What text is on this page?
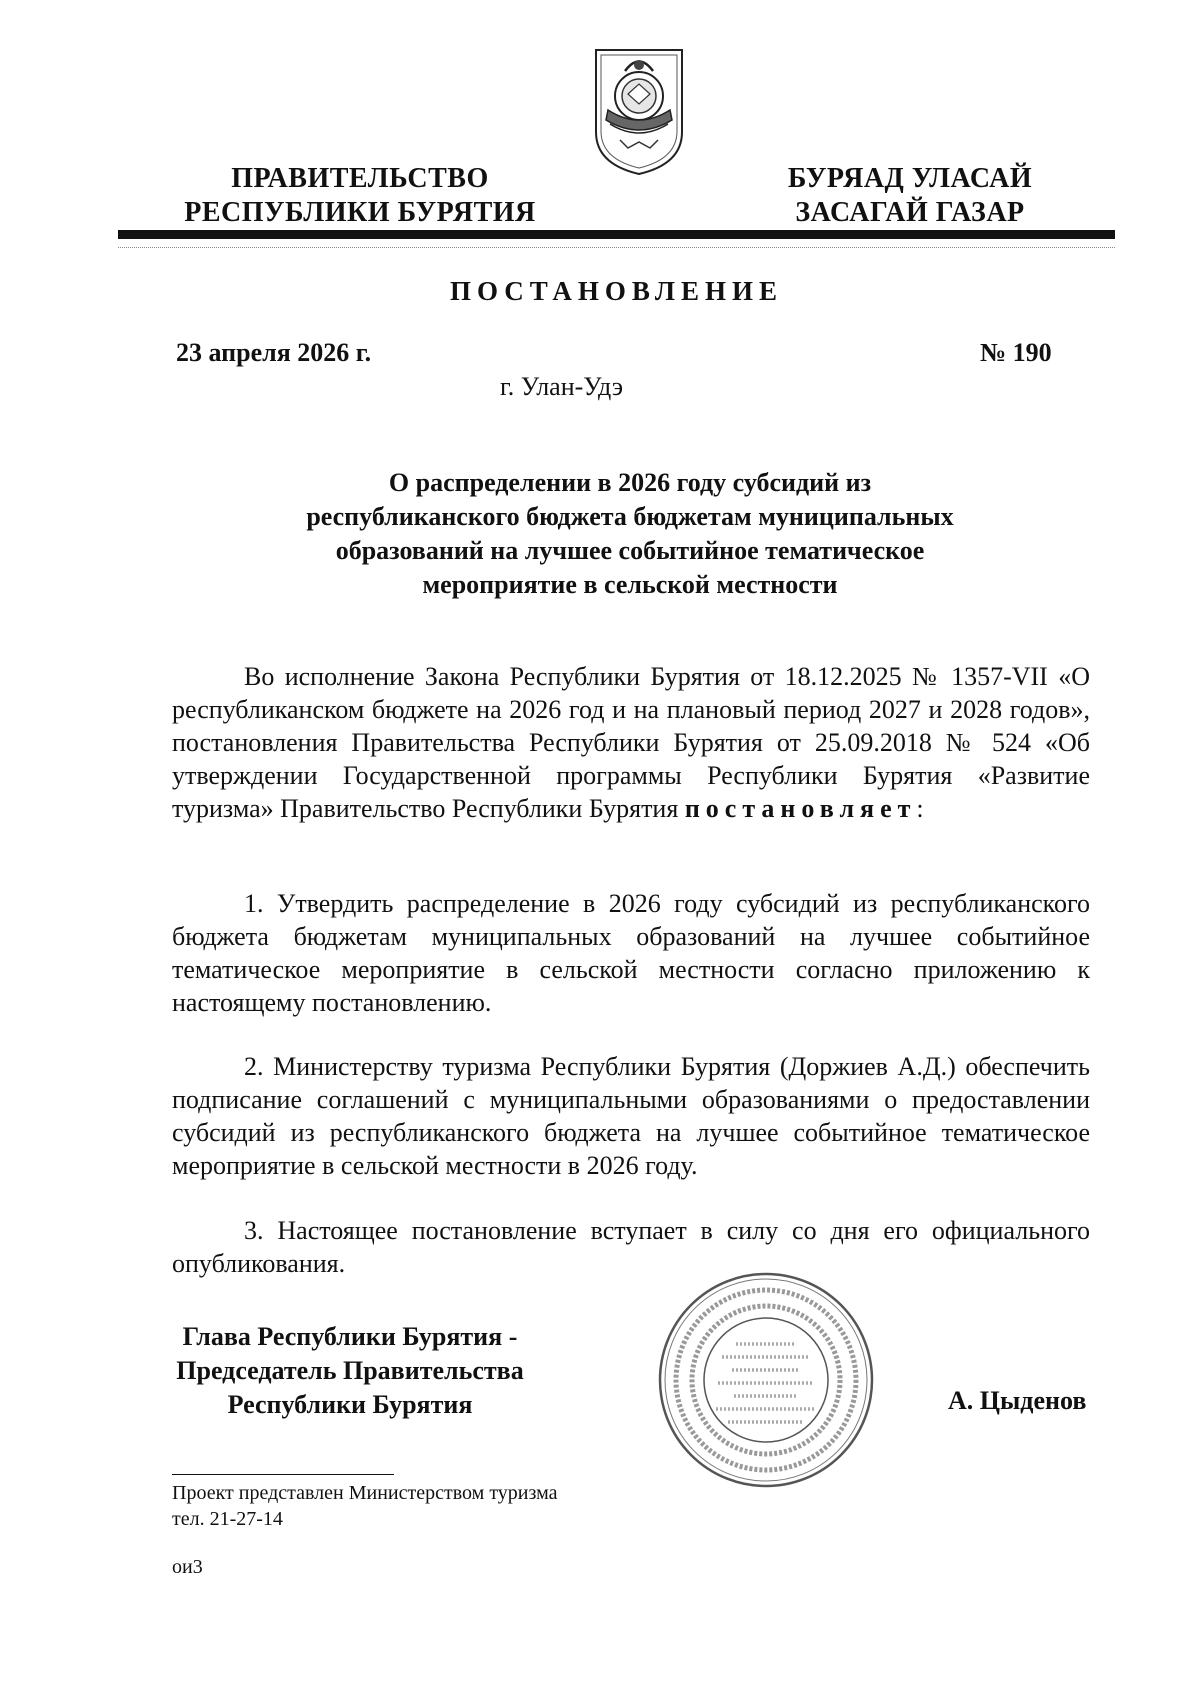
ПРАВИТЕЛЬСТВО
РЕСПУБЛИКИ БУРЯТИЯ
БУРЯАД УЛАСАЙ
ЗАСАГАЙ ГАЗАР
ПОСТАНОВЛЕНИЕ
23 апреля 2026 г.	№ 190
г. Улан-Удэ
О распределении в 2026 году субсидий из
республиканского бюджета бюджетам муниципальных
образований на лучшее событийное тематическое
мероприятие в сельской местности
Во исполнение Закона Республики Бурятия от 18.12.2025 № 1357-VII «О республиканском бюджете на 2026 год и на плановый период 2027 и 2028 годов», постановления Правительства Республики Бурятия от 25.09.2018 № 524 «Об утверждении Государственной программы Республики Бурятия «Развитие туризма» Правительство Республики Бурятия постановляет:
1. Утвердить распределение в 2026 году субсидий из республиканского бюджета бюджетам муниципальных образований на лучшее событийное тематическое мероприятие в сельской местности согласно приложению к настоящему постановлению.
2. Министерству туризма Республики Бурятия (Доржиев А.Д.) обеспечить подписание соглашений с муниципальными образованиями о предоставлении субсидий из республиканского бюджета на лучшее событийное тематическое мероприятие в сельской местности в 2026 году.
3. Настоящее постановление вступает в силу со дня его официального опубликования.
Глава Республики Бурятия -
Председатель Правительства
Республики Бурятия	А. Цыденов
Проект представлен Министерством туризма
тел. 21-27-14
ои3
